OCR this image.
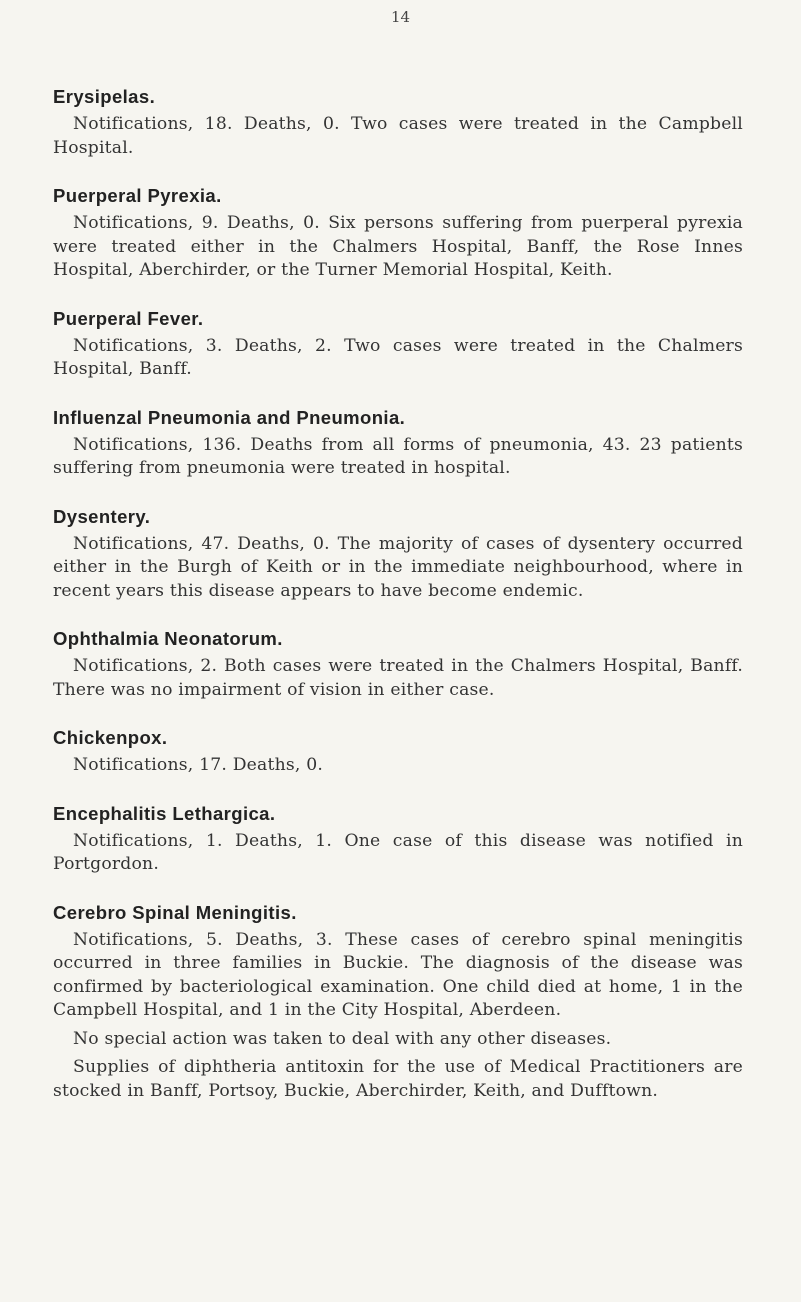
14
Erysipelas.

Notifications, 18. Deaths, 0. Two cases were treated in the Campbell Hospital.

Puerperal Pyrexia.

Notifications, 9. Deaths, 0. Six persons suffering from puerperal pyrexia were treated either in the Chalmers Hospital, Banff, the Rose Innes Hospital, Aberchirder, or the Turner Memorial Hospital, Keith.

Puerperal Fever.

Notifications, 3. Deaths, 2. Two cases were treated in the Chalmers Hospital, Banff.

Influenzal Pneumonia and Pneumonia.

Notifications, 136. Deaths from all forms of pneumonia, 43. 23 patients suffering from pneumonia were treated in hospital.

Dysentery.

Notifications, 47. Deaths, 0. The majority of cases of dysentery occurred either in the Burgh of Keith or in the immediate neighbourhood, where in recent years this disease appears to have become endemic.

Ophthalmia Neonatorum.

Notifications, 2. Both cases were treated in the Chalmers Hospital, Banff. There was no impairment of vision in either case.

Chickenpox.

Notifications, 17. Deaths, 0.

Encephalitis Lethargica.

Notifications, 1. Deaths, 1. One case of this disease was notified in Portgordon.

Cerebro Spinal Meningitis.

Notifications, 5. Deaths, 3. These cases of cerebro spinal meningitis occurred in three families in Buckie. The diagnosis of the disease was confirmed by bacteriological examination. One child died at home, 1 in the Campbell Hospital, and 1 in the City Hospital, Aberdeen.

No special action was taken to deal with any other diseases.

Supplies of diphtheria antitoxin for the use of Medical Practitioners are stocked in Banff, Portsoy, Buckie, Aberchirder, Keith, and Dufftown.
